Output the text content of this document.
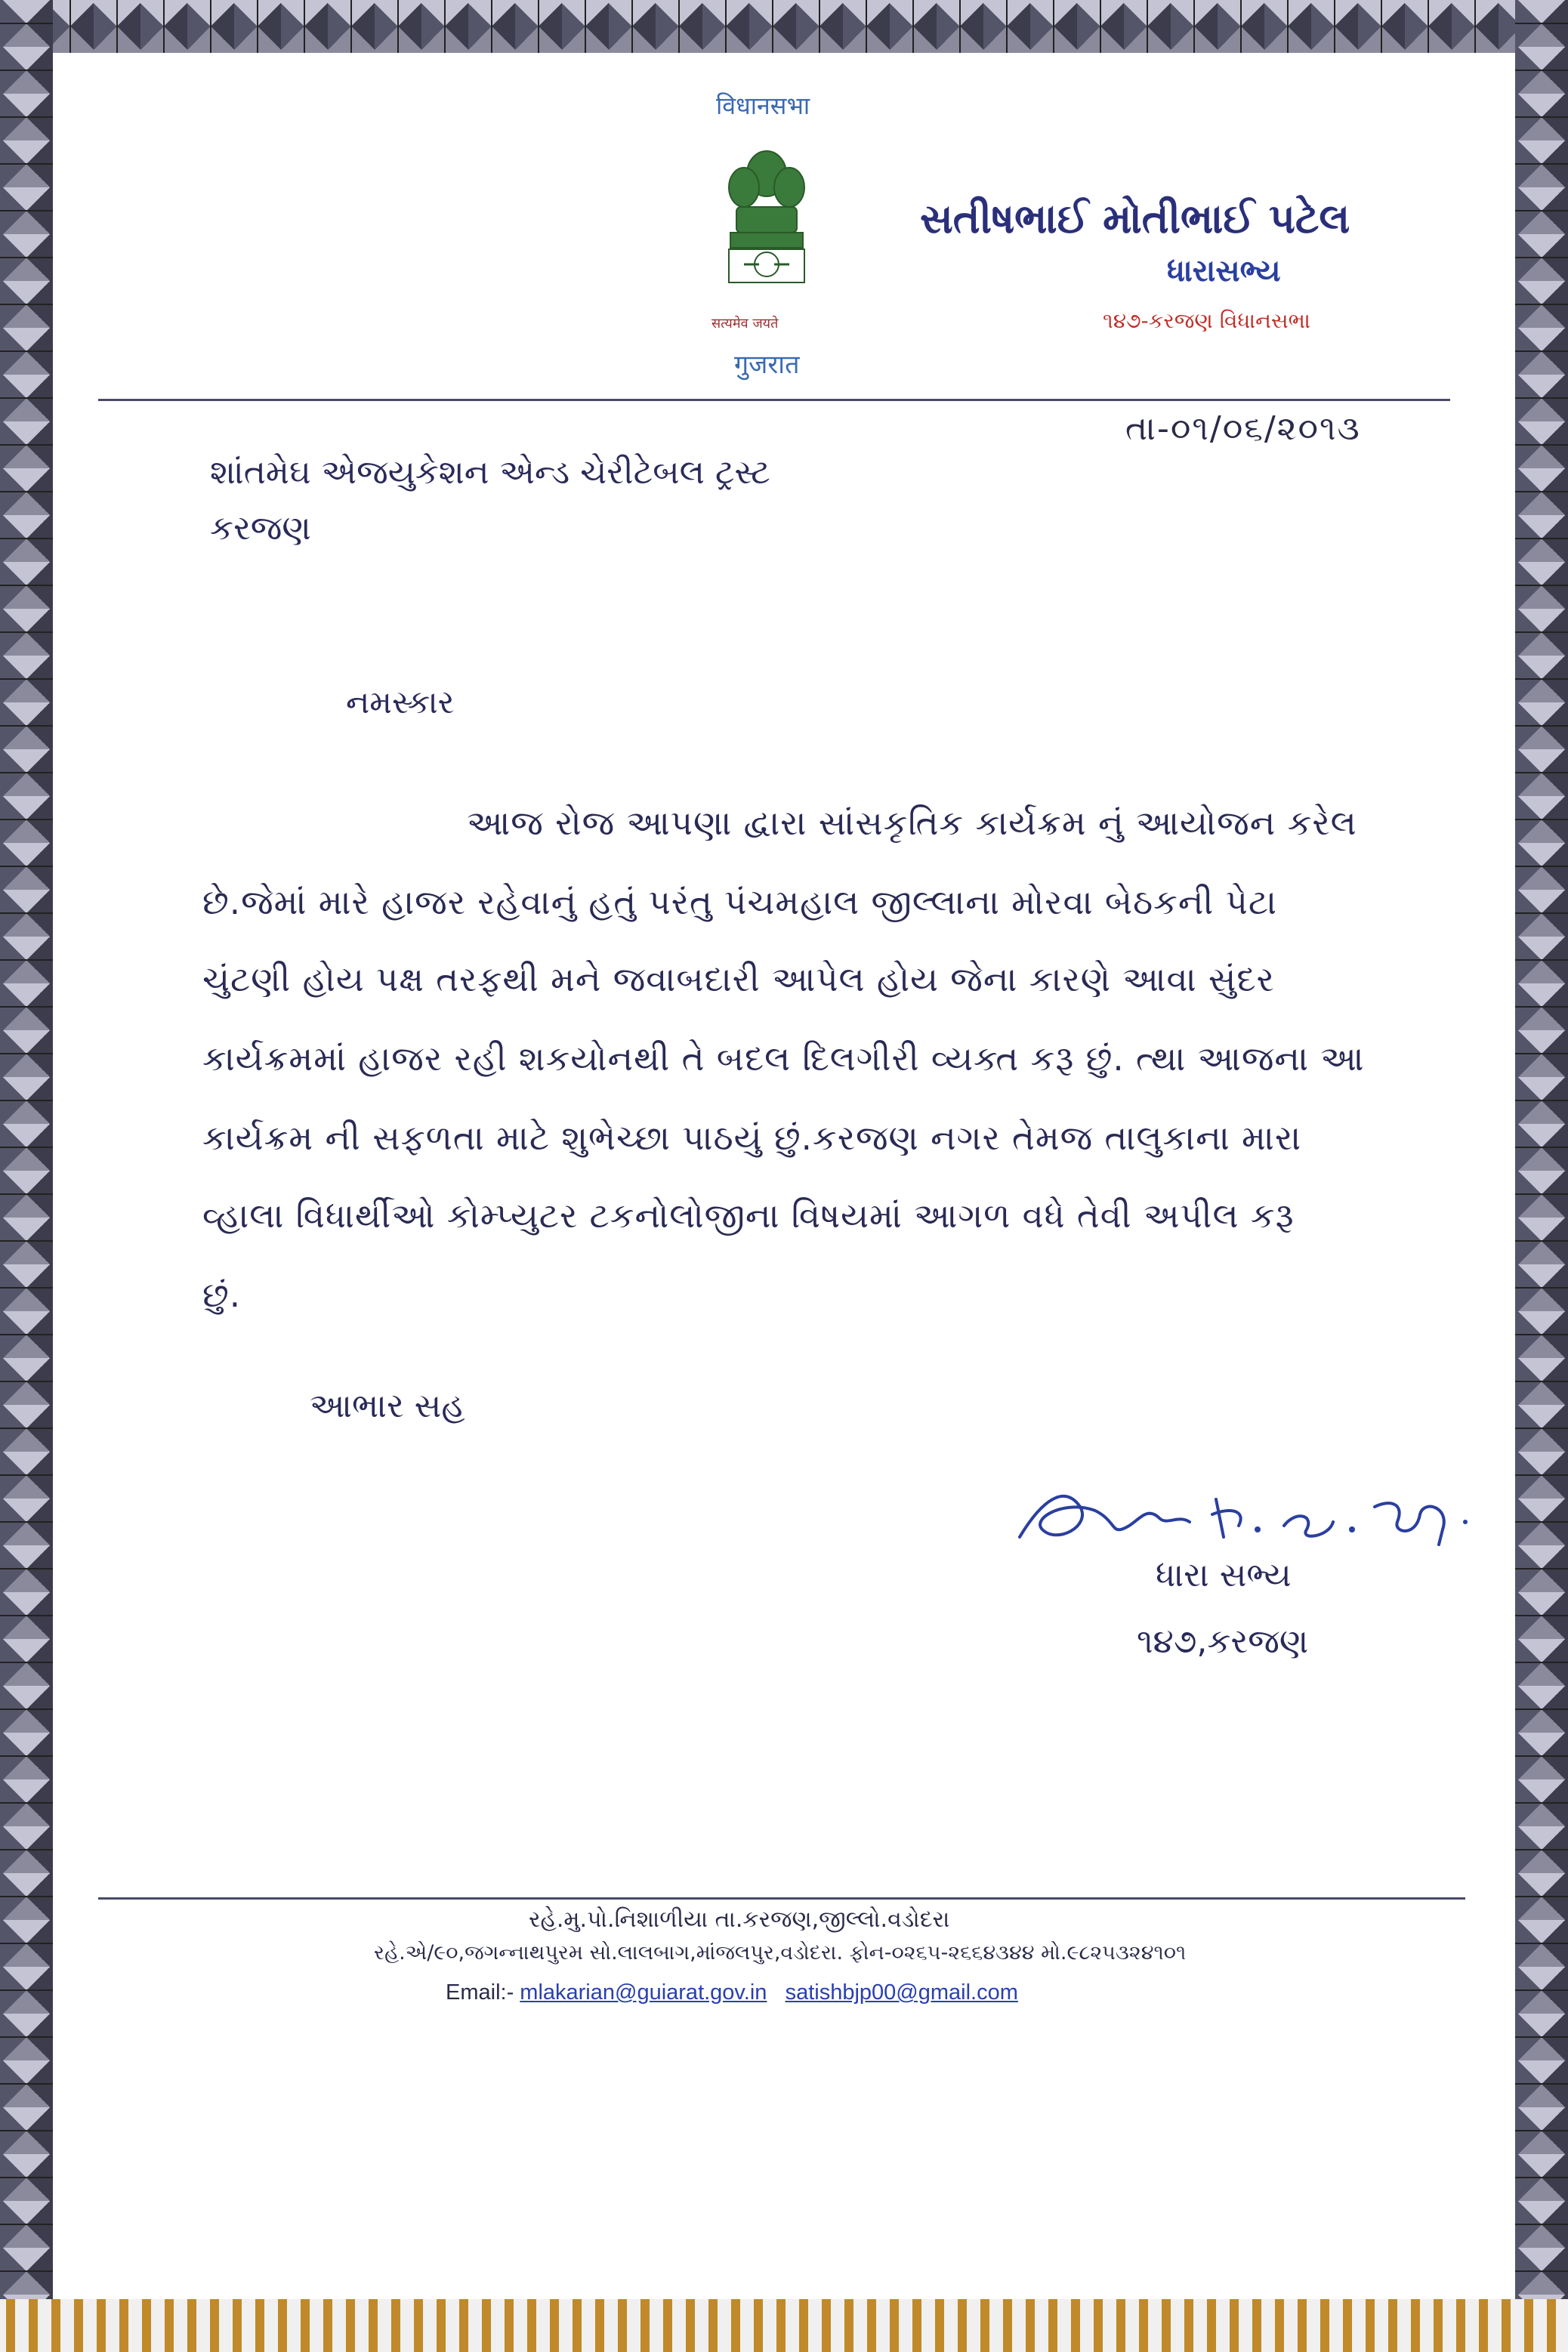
विधानसभा
सत्यमेव जयते
गुजरात
સતીષભાઈ મોતીભાઈ પટેલ
ધારાસભ્ય
૧૪૭-કરજણ વિધાનસભા
તા-૦૧/૦૬/૨૦૧૩
શાંતમેઘ એજયુકેશન એન્ડ ચેરીટેબલ ટ્રસ્ટ
કરજણ
નમસ્કાર
આજ રોજ આપણા દ્વારા સાંસકૃતિક કાર્યક્રમ નું આયોજન કરેલ
છે.જેમાં મારે હાજર રહેવાનું હતું પરંતુ પંચમહાલ જીલ્લાના મોરવા બેઠકની પેટા
ચુંટણી હોય પક્ષ તરફથી મને જવાબદારી આપેલ હોય જેના કારણે આવા સુંદર
કાર્યક્રમમાં હાજર રહી શકયોનથી તે બદલ દિલગીરી વ્યક્ત કરૂ છું. ત્થા આજના આ
કાર્યક્રમ ની સફળતા માટે શુભેચ્છા પાઠયું છું.કરજણ નગર તેમજ તાલુકાના મારા
વ્હાલા વિધાર્થીઓ કોમ્પ્યુટર ટકનોલોજીના વિષયમાં આગળ વધે તેવી અપીલ કરૂ
છું.
આભાર સહ
ધારા સભ્ય
૧૪૭,કરજણ
રહે.મુ.પો.નિશાળીયા તા.કરજણ,જીલ્લો.વડોદરા
રહે.એ/૯૦,જગન્નાથપુરમ સો.લાલબાગ,માંજલપુર,વડોદરા. ફોન-૦૨૬૫-૨૬૬૪૩૪૪ મો.૯૮૨૫૩૨૪૧૦૧
Email:- mlakarian@guiarat.gov.in satishbjp00@gmail.com
